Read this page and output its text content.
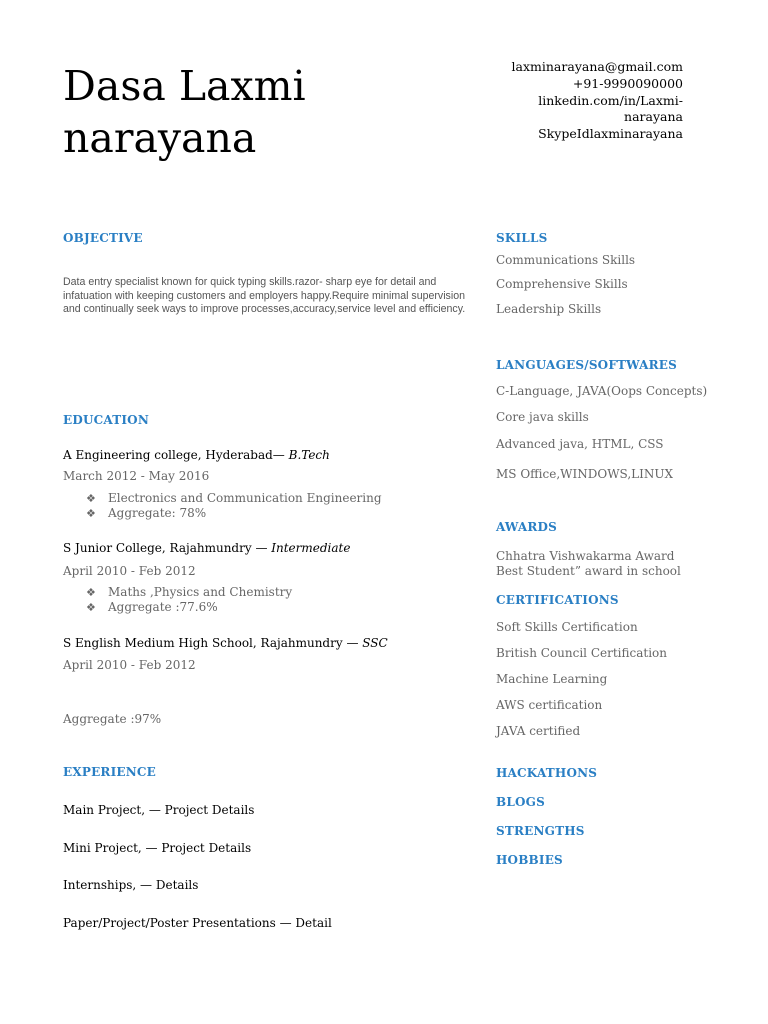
Dasa Laxmi
narayana
laxminarayana@gmail.com
+91-9990090000
linkedin.com/in/Laxmi-
narayana
SkypeIdlaxminarayana
OBJECTIVE
Data entry specialist known for quick typing skills.razor- sharp eye for detail and infatuation with keeping customers and employers happy.Require minimal supervision and continually seek ways to improve processes,accuracy,service level and efficiency.
EDUCATION
A Engineering college, Hyderabad— B.Tech
March 2012 - May 2016
❖ Electronics and Communication Engineering
❖ Aggregate: 78%
S Junior College, Rajahmundry — Intermediate
April 2010 - Feb 2012
❖ Maths ,Physics and Chemistry
❖ Aggregate :77.6%
S English Medium High School, Rajahmundry — SSC
April 2010 - Feb 2012
Aggregate :97%
EXPERIENCE
Main Project, — Project Details
Mini Project, — Project Details
Internships, — Details
Paper/Project/Poster Presentations — Detail
SKILLS
Communications Skills
Comprehensive Skills
Leadership Skills
LANGUAGES/SOFTWARES
C-Language, JAVA(Oops Concepts)
Core java skills
Advanced java, HTML, CSS
MS Office,WINDOWS,LINUX
AWARDS
Chhatra Vishwakarma Award
Best Student” award in school
CERTIFICATIONS
Soft Skills Certification
British Council Certification
Machine Learning
AWS certification
JAVA certified
HACKATHONS
BLOGS
STRENGTHS
HOBBIES
